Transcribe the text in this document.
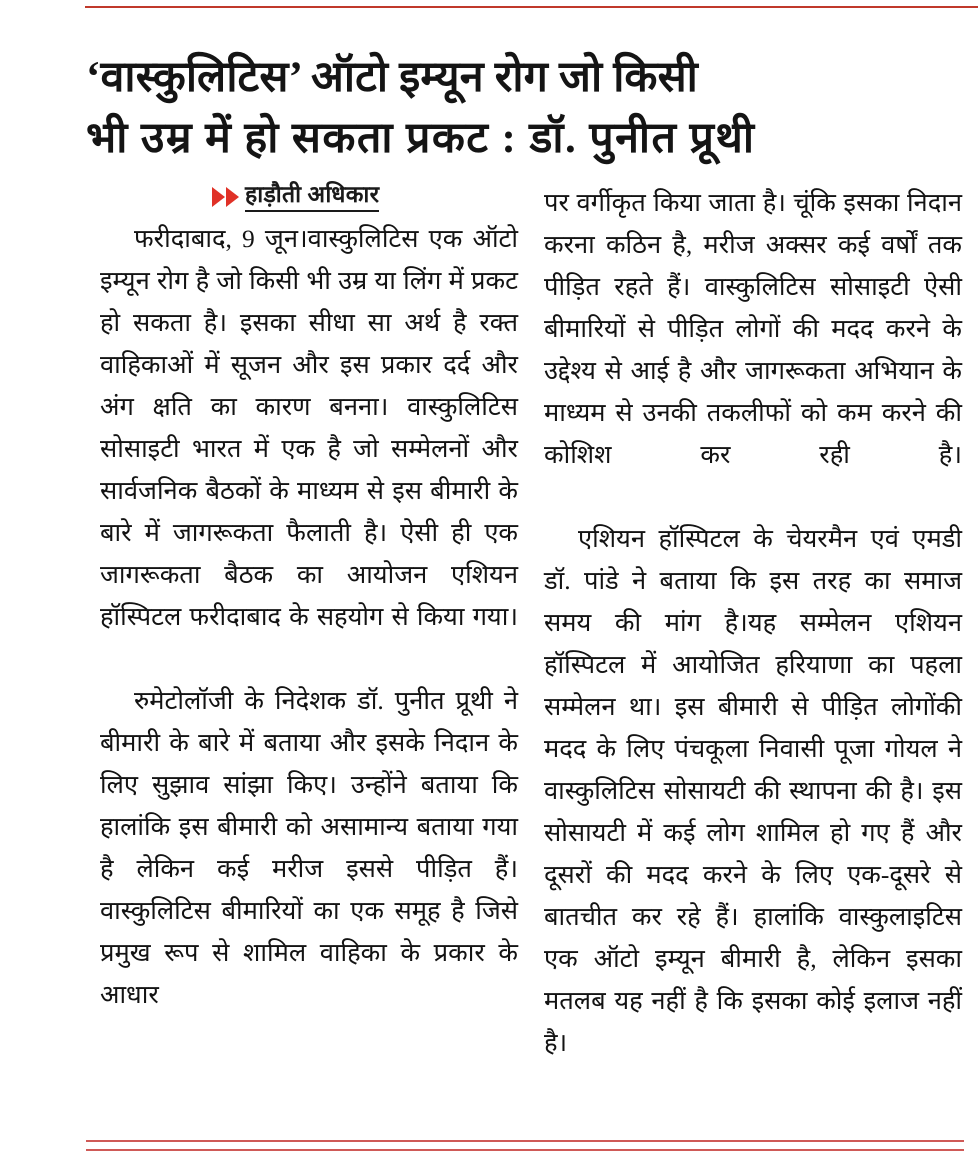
‘वास्कुलिटिस’ ऑटो इम्यून रोग जो किसी
भी उम्र में हो सकता प्रकट : डॉ. पुनीत प्रूथी
हाड़ौती अधिकार

फरीदाबाद, 9 जून।वास्कुलिटिस एक ऑटो इम्यून रोग है जो किसी भी उम्र या लिंग में प्रकट हो सकता है। इसका सीधा सा अर्थ है रक्त वाहिकाओं में सूजन और इस प्रकार दर्द और अंग क्षति का कारण बनना। वास्कुलिटिस सोसाइटी भारत में एक है जो सम्मेलनों और सार्वजनिक बैठकों के माध्यम से इस बीमारी के बारे में जागरूकता फैलाती है। ऐसी ही एक जागरूकता बैठक का आयोजन एशियन हॉस्पिटल फरीदाबाद के सहयोग से किया गया।

रुमेटोलॉजी के निदेशक डॉ. पुनीत प्रूथी ने बीमारी के बारे में बताया और इसके निदान के लिए सुझाव सांझा किए। उन्होंने बताया कि हालांकि इस बीमारी को असामान्य बताया गया है लेकिन कई मरीज इससे पीड़ित हैं। वास्कुलिटिस बीमारियों का एक समूह है जिसे प्रमुख रूप से शामिल वाहिका के प्रकार के आधार

पर वर्गीकृत किया जाता है। चूंकि इसका निदान करना कठिन है, मरीज अक्सर कई वर्षों तक पीड़ित रहते हैं। वास्कुलिटिस सोसाइटी ऐसी बीमारियों से पीड़ित लोगों की मदद करने के उद्देश्य से आई है और जागरूकता अभियान के माध्यम से उनकी तकलीफों को कम करने की कोशिश कर रही है।

एशियन हॉस्पिटल के चेयरमैन एवं एमडी डॉ. पांडे ने बताया कि इस तरह का समाज समय की मांग है।यह सम्मेलन एशियन हॉस्पिटल में आयोजित हरियाणा का पहला सम्मेलन था। इस बीमारी से पीड़ित लोगोंकी मदद के लिए पंचकूला निवासी पूजा गोयल ने वास्कुलिटिस सोसायटी की स्थापना की है। इस सोसायटी में कई लोग शामिल हो गए हैं और दूसरों की मदद करने के लिए एक-दूसरे से बातचीत कर रहे हैं। हालांकि वास्कुलाइटिस एक ऑटो इम्यून बीमारी है, लेकिन इसका मतलब यह नहीं है कि इसका कोई इलाज नहीं है।
